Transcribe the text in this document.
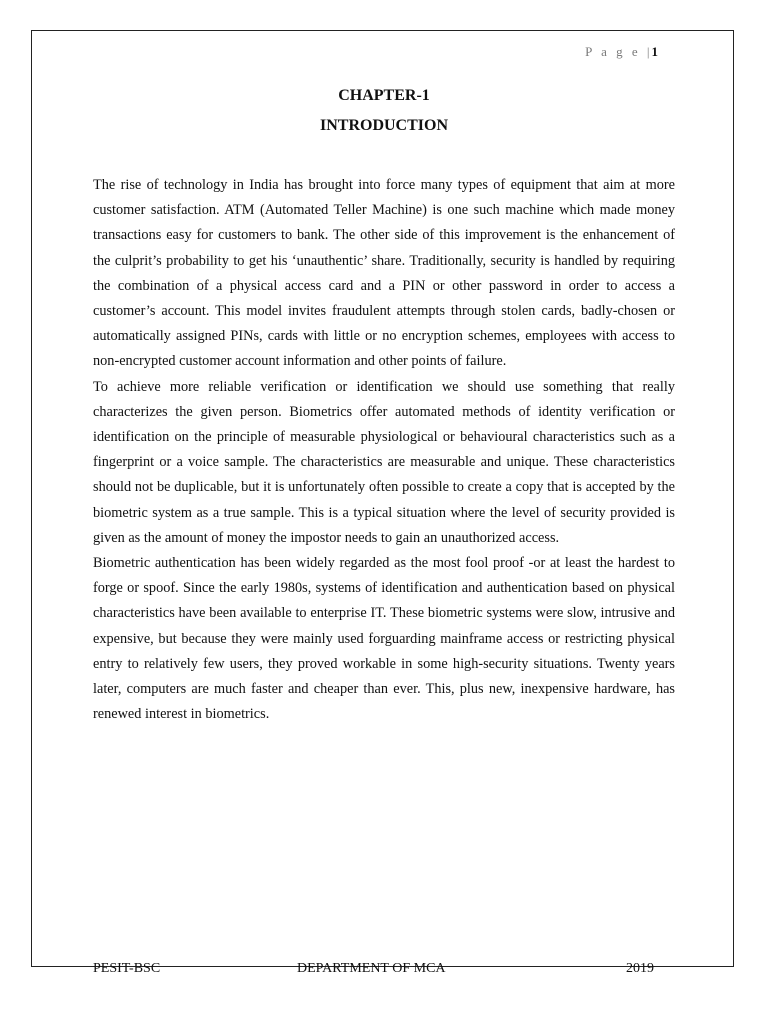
P a g e |1
CHAPTER-1
INTRODUCTION

The rise of technology in India has brought into force many types of equipment that aim at more customer satisfaction. ATM (Automated Teller Machine) is one such machine which made money transactions easy for customers to bank. The other side of this improvement is the enhancement of the culprit’s probability to get his ‘unauthentic’ share. Traditionally, security is handled by requiring the combination of a physical access card and a PIN or other password in order to access a customer’s account. This model invites fraudulent attempts through stolen cards, badly-chosen or automatically assigned PINs, cards with little or no encryption schemes, employees with access to non-encrypted customer account information and other points of failure.

To achieve more reliable verification or identification we should use something that really characterizes the given person. Biometrics offer automated methods of identity verification or identification on the principle of measurable physiological or behavioural characteristics such as a fingerprint or a voice sample. The characteristics are measurable and unique. These characteristics should not be duplicable, but it is unfortunately often possible to create a copy that is accepted by the biometric system as a true sample. This is a typical situation where the level of security provided is given as the amount of money the impostor needs to gain an unauthorized access.

Biometric authentication has been widely regarded as the most fool proof -or at least the hardest to forge or spoof. Since the early 1980s, systems of identification and authentication based on physical characteristics have been available to enterprise IT. These biometric systems were slow, intrusive and expensive, but because they were mainly used forguarding mainframe access or restricting physical entry to relatively few users, they proved workable in some high-security situations. Twenty years later, computers are much faster and cheaper than ever. This, plus new, inexpensive hardware, has renewed interest in biometrics.

PESIT-BSC	DEPARTMENT OF MCA	2019
